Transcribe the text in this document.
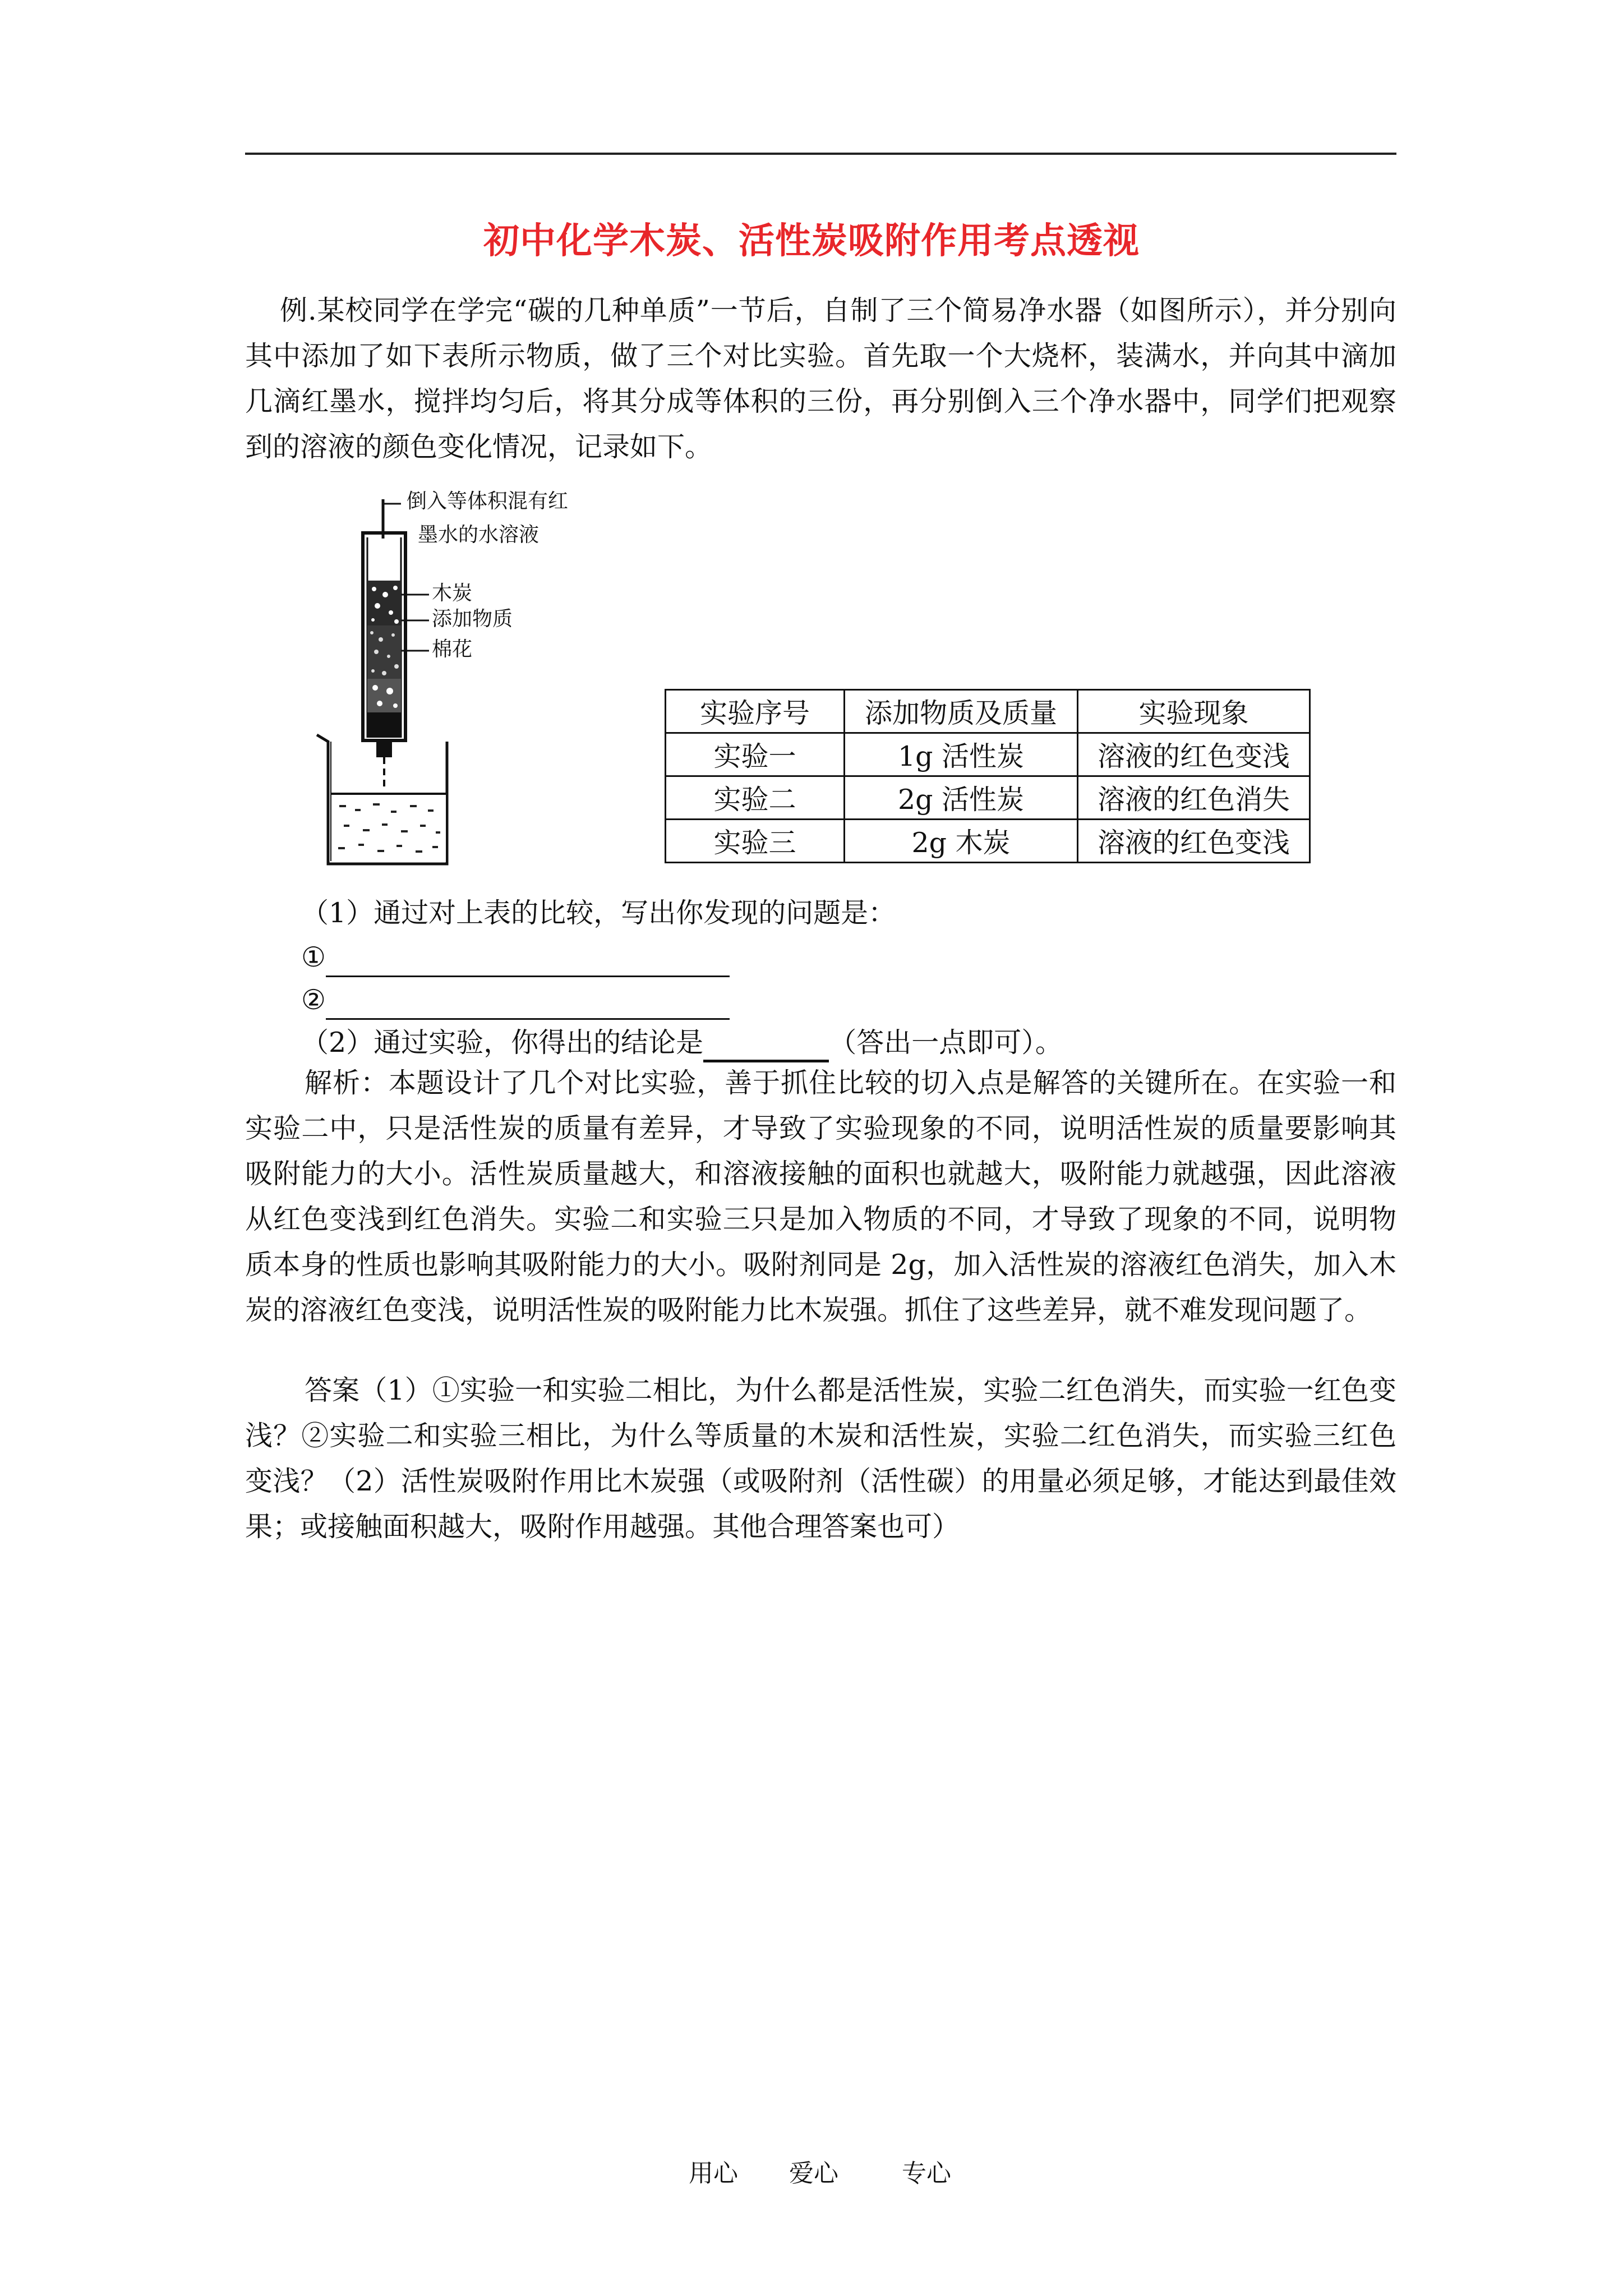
初中化学木炭、活性炭吸附作用考点透视

例.某校同学在学完“碳的几种单质”一节后，自制了三个简易净水器（如图所示），并分别向其中添加了如下表所示物质，做了三个对比实验。首先取一个大烧杯，装满水，并向其中滴加几滴红墨水，搅拌均匀后，将其分成等体积的三份，再分别倒入三个净水器中，同学们把观察到的溶液的颜色变化情况，记录如下。

倒入等体积混有红
墨水的水溶液
木炭
添加物质
棉花
实验序号	添加物质及质量	实验现象
实验一	1g 活性炭	溶液的红色变浅
实验二	2g 活性炭	溶液的红色消失
实验三	2g 木炭	溶液的红色变浅
（1）通过对上表的比较，写出你发现的问题是：
①
②
（2）通过实验，你得出的结论是	（答出一点即可）。

解析：本题设计了几个对比实验，善于抓住比较的切入点是解答的关键所在。在实验一和实验二中，只是活性炭的质量有差异，才导致了实验现象的不同，说明活性炭的质量要影响其吸附能力的大小。活性炭质量越大，和溶液接触的面积也就越大，吸附能力就越强，因此溶液从红色变浅到红色消失。实验二和实验三只是加入物质的不同，才导致了现象的不同，说明物质本身的性质也影响其吸附能力的大小。吸附剂同是 2g，加入活性炭的溶液红色消失，加入木炭的溶液红色变浅，说明活性炭的吸附能力比木炭强。抓住了这些差异，就不难发现问题了。

答案（1）①实验一和实验二相比，为什么都是活性炭，实验二红色消失，而实验一红色变浅？②实验二和实验三相比，为什么等质量的木炭和活性炭，实验二红色消失，而实验三红色变浅？（2）活性炭吸附作用比木炭强（或吸附剂（活性碳）的用量必须足够，才能达到最佳效果；或接触面积越大，吸附作用越强。其他合理答案也可）

用心 爱心	专心
